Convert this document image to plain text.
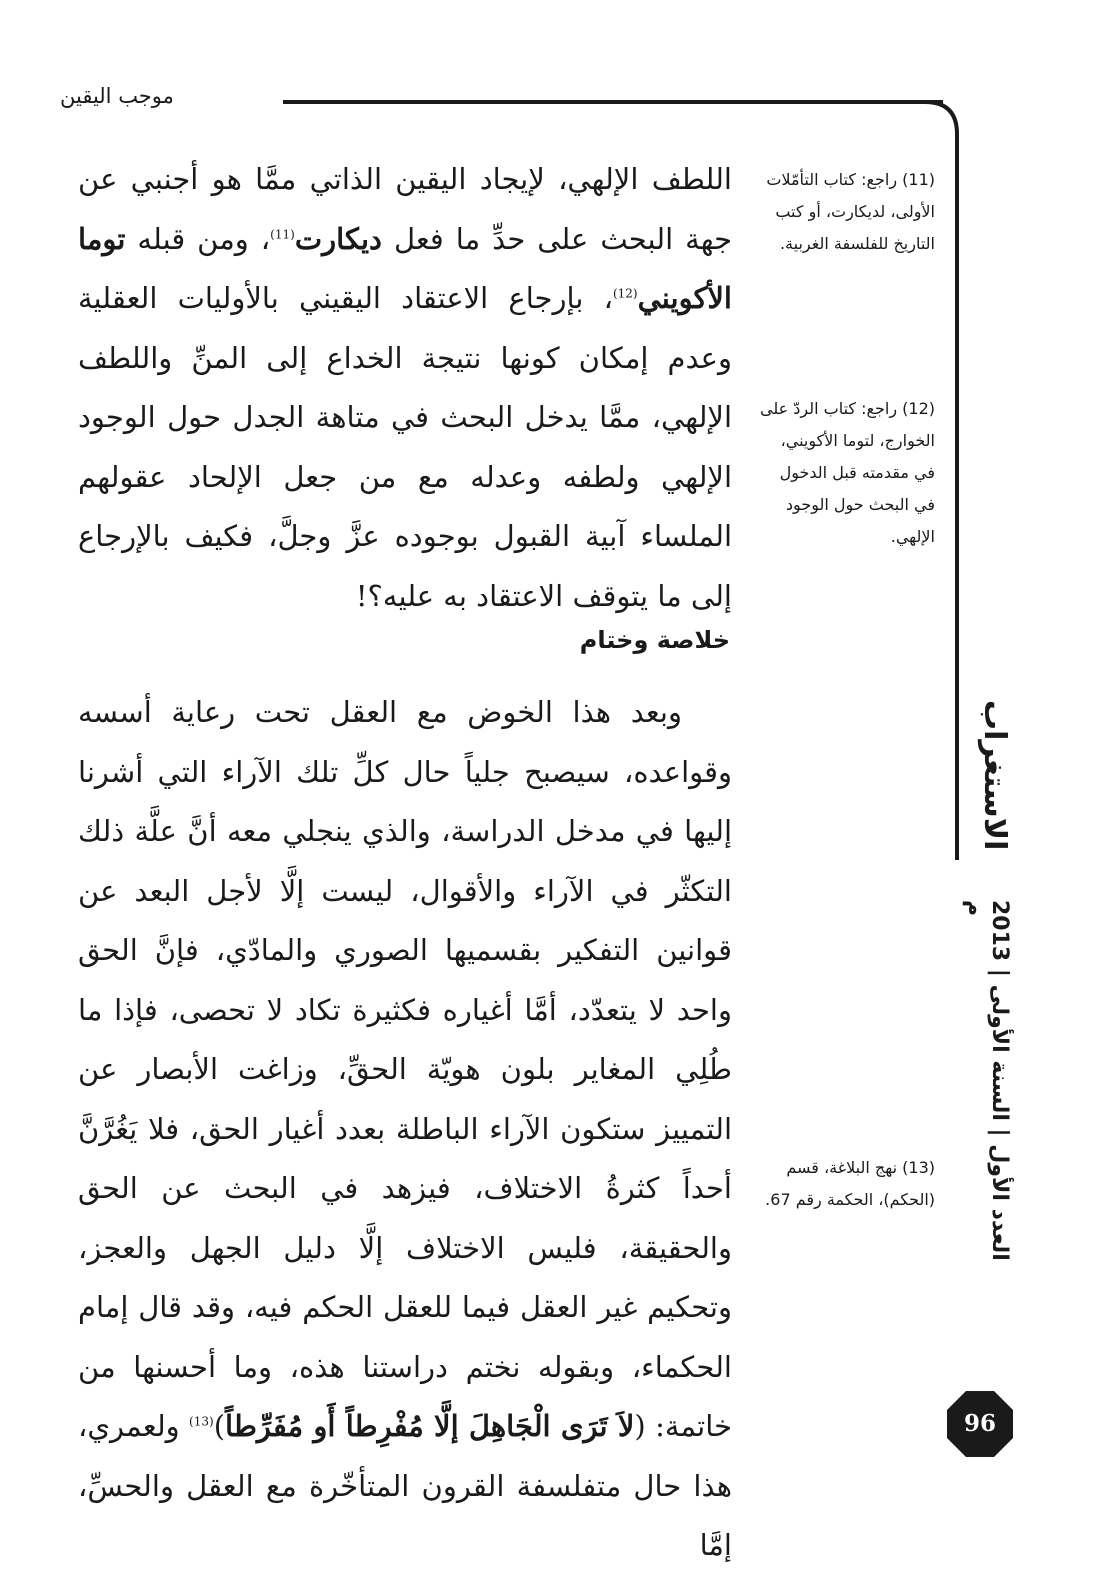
موجب اليقين

اللطف الإلهي، لإيجاد اليقين الذاتي ممَّا هو أجنبي عن جهة البحث على حدِّ ما فعل ديكارت$^{(11)}$، ومن قبله توما الأكويني$^{(12)}$، بإرجاع الاعتقاد اليقيني بالأوليات العقلية وعدم إمكان كونها نتيجة الخداع إلى المنِّ واللطف الإلهي، ممَّا يدخل البحث في متاهة الجدل حول الوجود الإلهي ولطفه وعدله مع من جعل الإلحاد عقولهم الملساء آبية القبول بوجوده عزَّ وجلَّ، فكيف بالإرجاع إلى ما يتوقف الاعتقاد به عليه؟!

خلاصة وختام

وبعد هذا الخوض مع العقل تحت رعاية أسسه وقواعده، سيصبح جلياً حال كلِّ تلك الآراء التي أشرنا إليها في مدخل الدراسة، والذي ينجلي معه أنَّ علَّة ذلك التكثّر في الآراء والأقوال، ليست إلَّا لأجل البعد عن قوانين التفكير بقسميها الصوري والمادّي، فإنَّ الحق واحد لا يتعدّد، أمَّا أغياره فكثيرة تكاد لا تحصى، فإذا ما طُلِي المغاير بلون هويّة الحقِّ، وزاغت الأبصار عن التمييز ستكون الآراء الباطلة بعدد أغيار الحق، فلا يَغُرَّنَّ أحداً كثرةُ الاختلاف، فيزهد في البحث عن الحق والحقيقة، فليس الاختلاف إلَّا دليل الجهل والعجز، وتحكيم غير العقل فيما للعقل الحكم فيه، وقد قال إمام الحكماء، وبقوله نختم دراستنا هذه، وما أحسنها من خاتمة: (لاَ تَرَى الْجَاهِلَ إلَّا مُفْرِطاً أَو مُفَرِّطاً)$^{(13)}$ ولعمري، هذا حال متفلسفة القرون المتأخّرة مع العقل والحسِّ، إمَّا

(11) راجع: كتاب التأمّلات الأولى، لديكارت، أو كتب التاريخ للفلسفة الغربية.

(12) راجع: كتاب الردّ على الخوارج، لتوما الأكويني، في مقدمته قبل الدخول في البحث حول الوجود الإلهي.

(13) نهج البلاغة، قسم (الحكم)، الحكمة رقم 67.

الاستغراب
العدد الأول | السنة الأولى | 2013 م
96
